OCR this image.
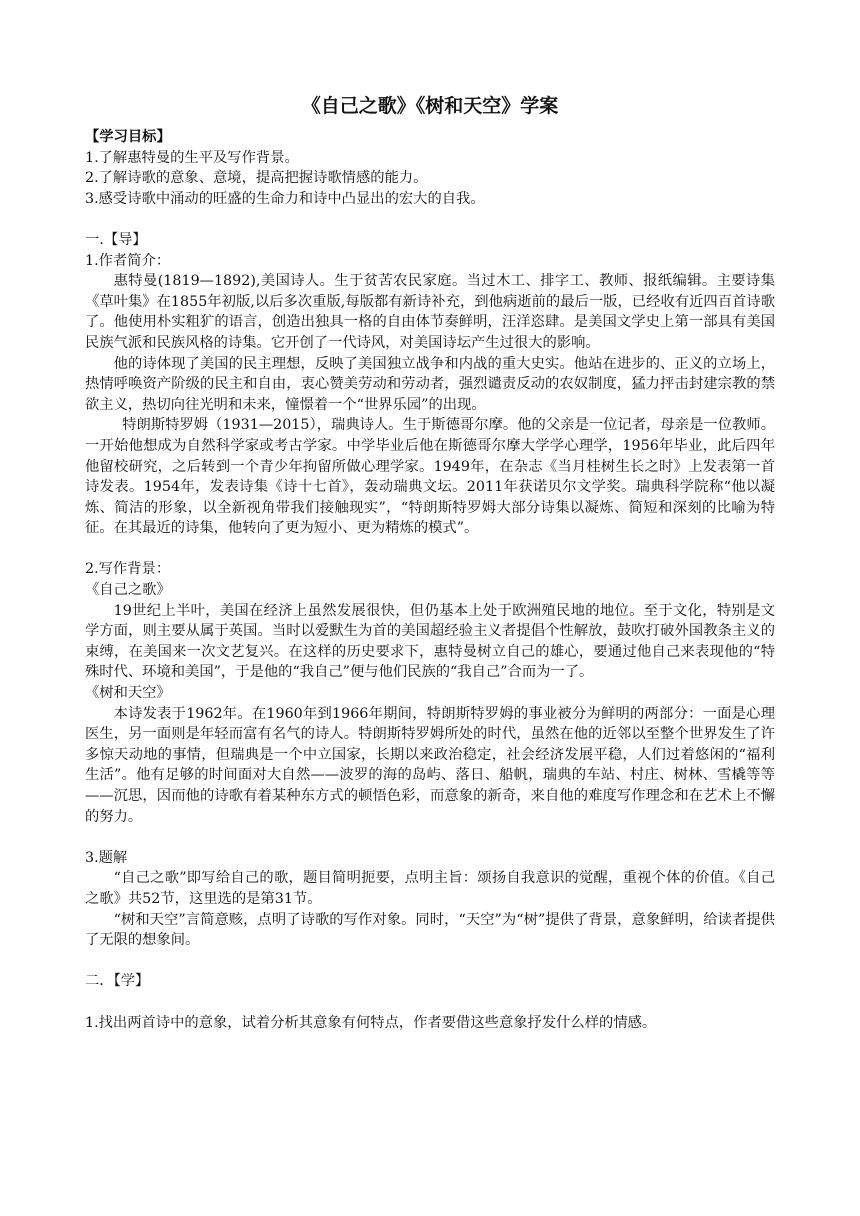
《自己之歌》《树和天空》学案
【学习目标】
1.了解惠特曼的生平及写作背景。
2.了解诗歌的意象、意境，提高把握诗歌情感的能力。
3.感受诗歌中涌动的旺盛的生命力和诗中凸显出的宏大的自我。
一.【导】
1.作者简介：
惠特曼(1819—1892),美国诗人。生于贫苦农民家庭。当过木工、排字工、教师、报纸编辑。主要诗集《草叶集》在1855年初版,以后多次重版,每版都有新诗补充，到他病逝前的最后一版，已经收有近四百首诗歌了。他使用朴实粗犷的语言，创造出独具一格的自由体节奏鲜明，汪洋恣肆。是美国文学史上第一部具有美国民族气派和民族风格的诗集。它开创了一代诗风，对美国诗坛产生过很大的影响。
他的诗体现了美国的民主理想，反映了美国独立战争和内战的重大史实。他站在进步的、正义的立场上，热情呼唤资产阶级的民主和自由，衷心赞美劳动和劳动者，强烈谴责反动的农奴制度，猛力抨击封建宗教的禁欲主义，热切向往光明和未来，憧憬着一个“世界乐园”的出现。
特朗斯特罗姆（1931—2015），瑞典诗人。生于斯德哥尔摩。他的父亲是一位记者，母亲是一位教师。一开始他想成为自然科学家或考古学家。中学毕业后他在斯德哥尔摩大学学心理学，1956年毕业，此后四年他留校研究，之后转到一个青少年拘留所做心理学家。1949年，在杂志《当月桂树生长之时》上发表第一首诗发表。1954年，发表诗集《诗十七首》，轰动瑞典文坛。2011年获诺贝尔文学奖。瑞典科学院称“他以凝炼、简洁的形象，以全新视角带我们接触现实”，“特朗斯特罗姆大部分诗集以凝炼、简短和深刻的比喻为特征。在其最近的诗集，他转向了更为短小、更为精炼的模式”。
2.写作背景：
《自己之歌》
19世纪上半叶，美国在经济上虽然发展很快，但仍基本上处于欧洲殖民地的地位。至于文化，特别是文学方面，则主要从属于英国。当时以爱默生为首的美国超经验主义者提倡个性解放，鼓吹打破外国教条主义的束缚，在美国来一次文艺复兴。在这样的历史要求下，惠特曼树立自己的雄心，要通过他自己来表现他的“特殊时代、环境和美国”，于是他的“我自己”便与他们民族的“我自己”合而为一了。
《树和天空》
本诗发表于1962年。在1960年到1966年期间，特朗斯特罗姆的事业被分为鲜明的两部分：一面是心理医生，另一面则是年轻而富有名气的诗人。特朗斯特罗姆所处的时代，虽然在他的近邻以至整个世界发生了许多惊天动地的事情，但瑞典是一个中立国家，长期以来政治稳定，社会经济发展平稳，人们过着悠闲的“福利生活”。他有足够的时间面对大自然——波罗的海的岛屿、落日、船帆，瑞典的车站、村庄、树林、雪橇等等——沉思，因而他的诗歌有着某种东方式的顿悟色彩，而意象的新奇，来自他的难度写作理念和在艺术上不懈的努力。
3.题解
“自己之歌”即写给自己的歌，题目简明扼要，点明主旨：颂扬自我意识的觉醒，重视个体的价值。《自己之歌》共52节，这里选的是第31节。
“树和天空”言简意赅，点明了诗歌的写作对象。同时，“天空”为“树”提供了背景，意象鲜明，给读者提供了无限的想象间。
二．【学】
1.找出两首诗中的意象，试着分析其意象有何特点，作者要借这些意象抒发什么样的情感。
